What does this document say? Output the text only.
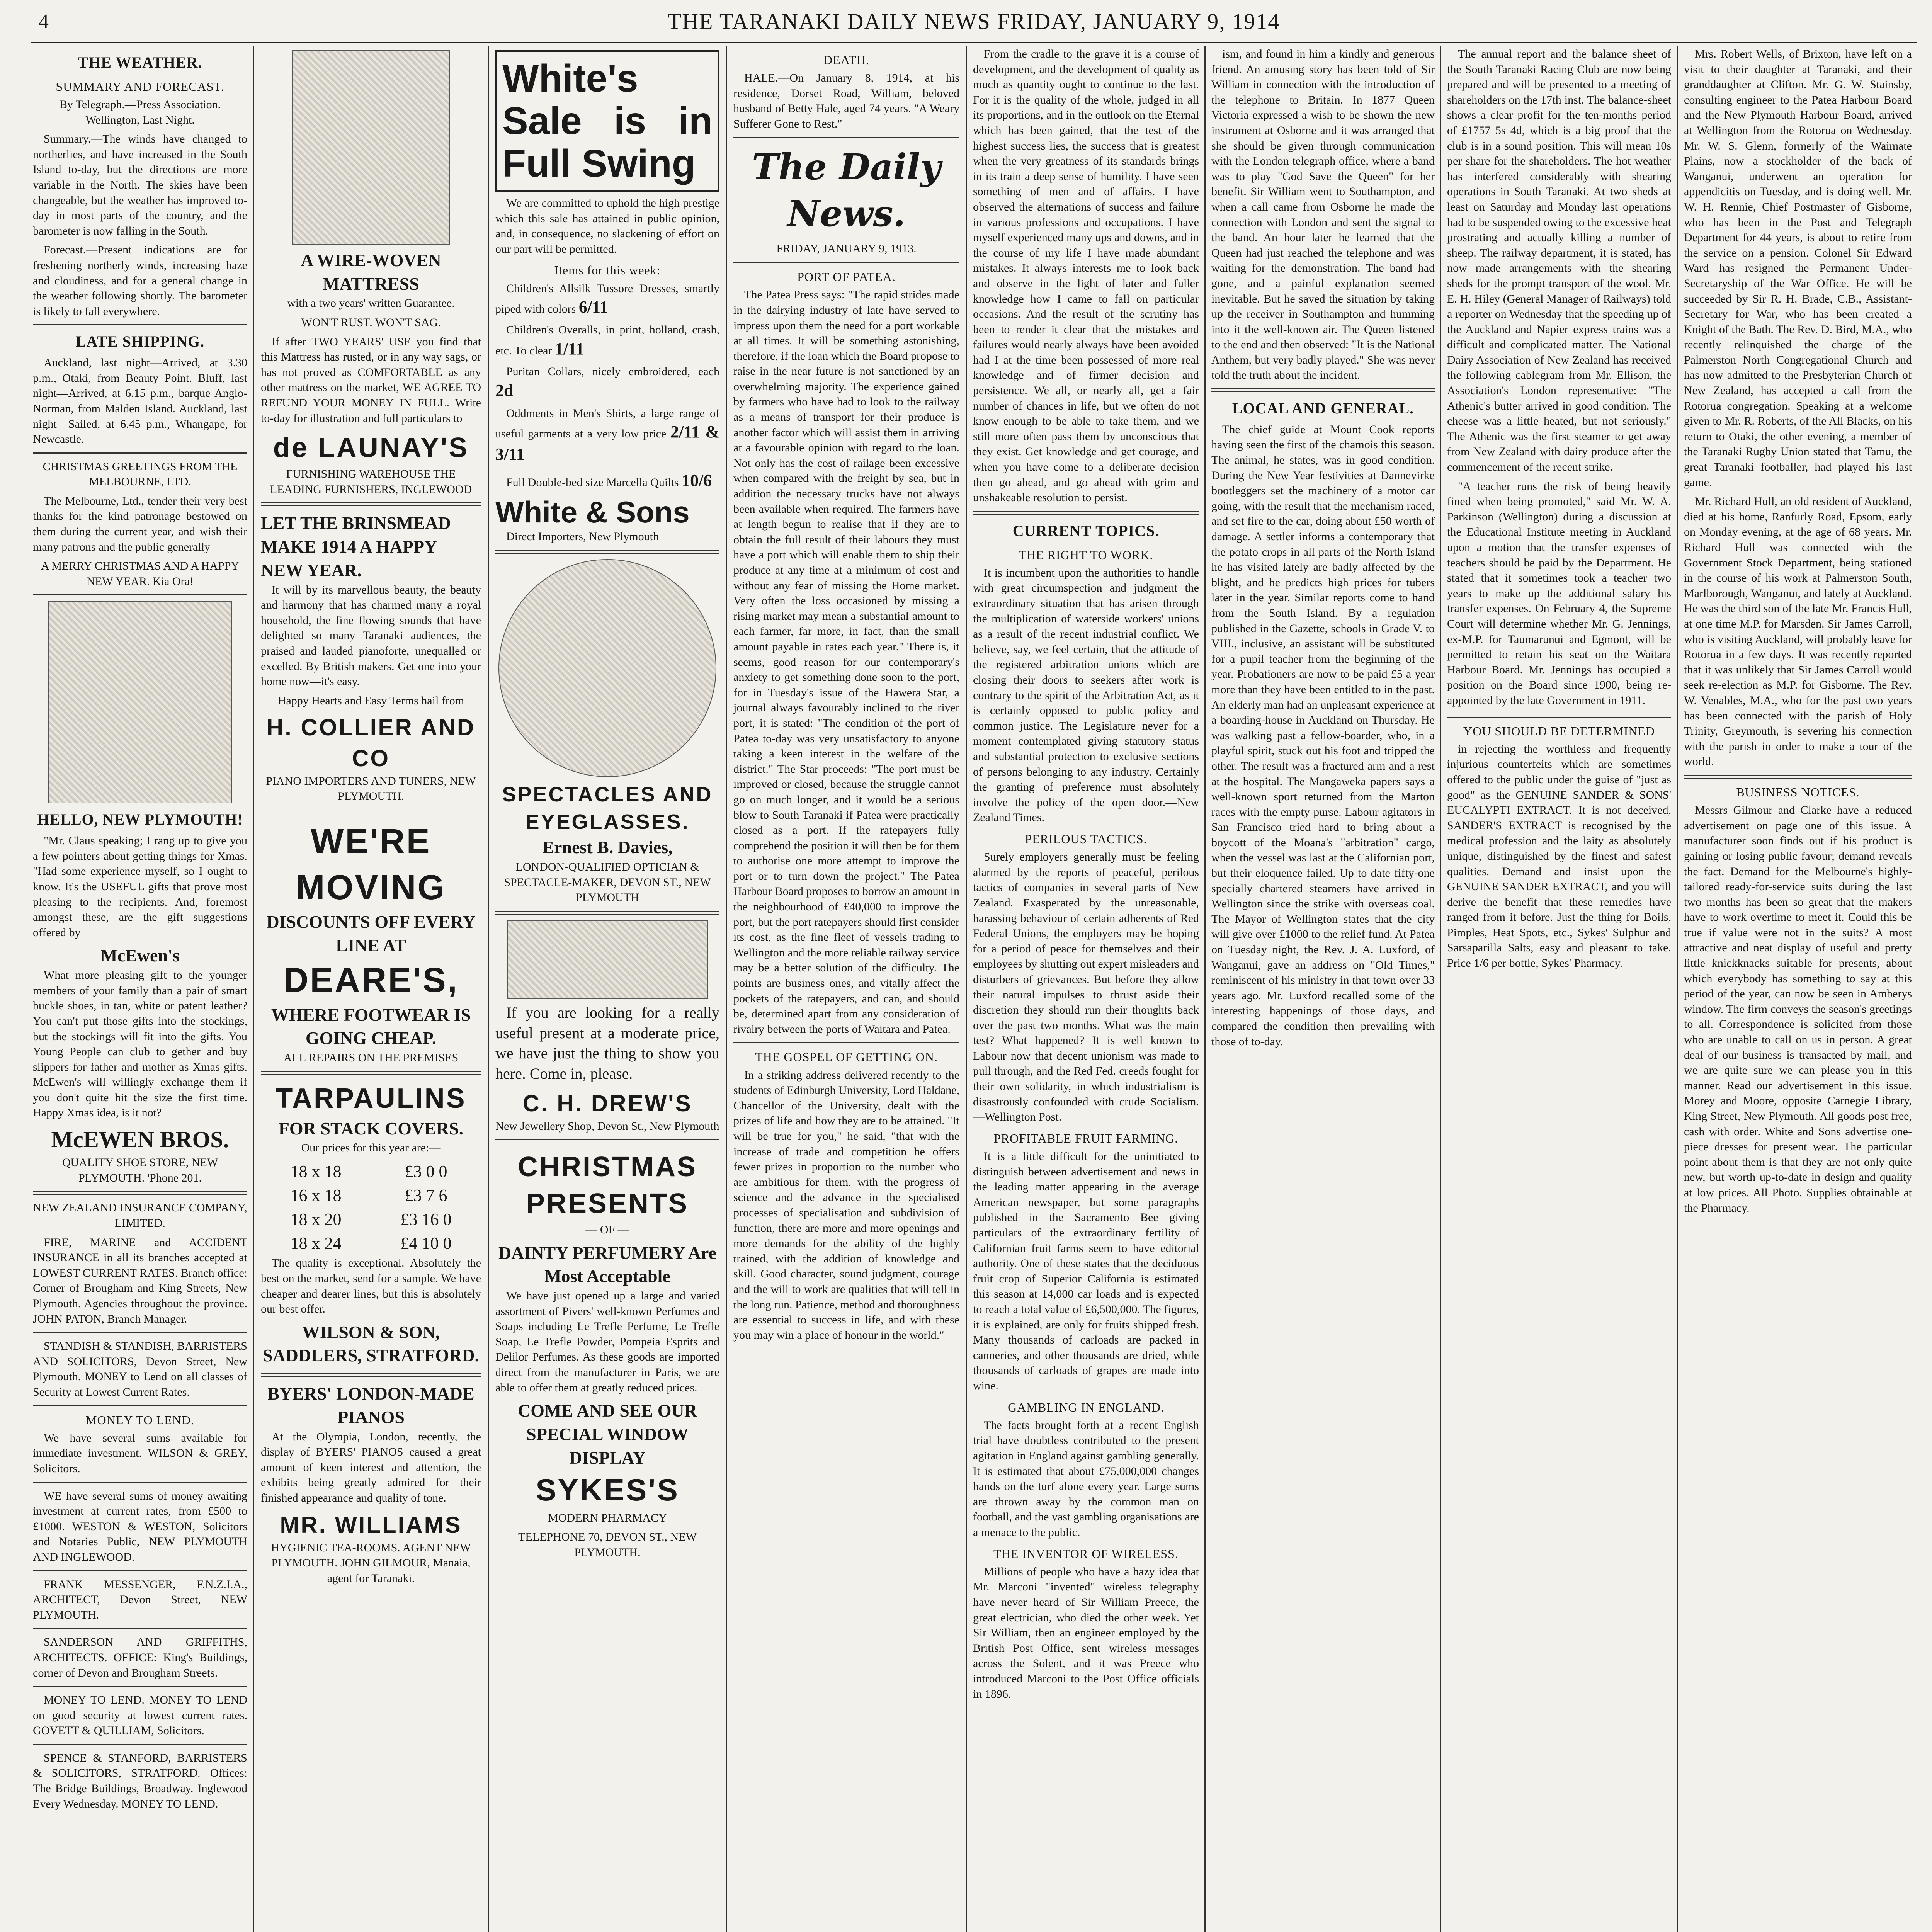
4	THE TARANAKI DAILY NEWS FRIDAY, JANUARY 9, 1914
THE WEATHER.
SUMMARY AND FORECAST.

By Telegraph.—Press Association. Wellington, Last Night.

Summary.—The winds have changed to northerlies, and have increased in the South Island to-day, but the directions are more variable in the North. The skies have been changeable, but the weather has improved to-day in most parts of the country, and the barometer is now falling in the South.

Forecast.—Present indications are for freshening northerly winds, increasing haze and cloudiness, and for a general change in the weather following shortly. The barometer is likely to fall everywhere.

LATE SHIPPING.

Auckland, last night—Arrived, at 3.30 p.m., Otaki, from Beauty Point. Bluff, last night—Arrived, at 6.15 p.m., barque Anglo-Norman, from Malden Island. Auckland, last night—Sailed, at 6.45 p.m., Whangape, for Newcastle.

CHRISTMAS GREETINGS FROM THE MELBOURNE, LTD.

The Melbourne, Ltd., tender their very best thanks for the kind patronage bestowed on them during the current year, and wish their many patrons and the public generally

A MERRY CHRISTMAS AND A HAPPY NEW YEAR. Kia Ora!

HELLO, NEW PLYMOUTH!

"Mr. Claus speaking; I rang up to give you a few pointers about getting things for Xmas. "Had some experience myself, so I ought to know. It's the USEFUL gifts that prove most pleasing to the recipients. And, foremost amongst these, are the gift suggestions offered by

McEwen's

What more pleasing gift to the younger members of your family than a pair of smart buckle shoes, in tan, white or patent leather? You can't put those gifts into the stockings, but the stockings will fit into the gifts. You Young People can club to gether and buy slippers for father and mother as Xmas gifts. McEwen's will willingly exchange them if you don't quite hit the size the first time. Happy Xmas idea, is it not?

McEWEN BROS.

QUALITY SHOE STORE, NEW PLYMOUTH. 'Phone 201.

NEW ZEALAND INSURANCE COMPANY, LIMITED.

FIRE, MARINE and ACCIDENT INSURANCE in all its branches accepted at LOWEST CURRENT RATES. Branch office: Corner of Brougham and King Streets, New Plymouth. Agencies throughout the province. JOHN PATON, Branch Manager.

STANDISH & STANDISH, BARRISTERS AND SOLICITORS, Devon Street, New Plymouth. MONEY to Lend on all classes of Security at Lowest Current Rates.

MONEY TO LEND.

We have several sums available for immediate investment. WILSON & GREY, Solicitors.

WE have several sums of money awaiting investment at current rates, from £500 to £1000. WESTON & WESTON, Solicitors and Notaries Public, NEW PLYMOUTH AND INGLEWOOD.

FRANK MESSENGER, F.N.Z.I.A., ARCHITECT, Devon Street, NEW PLYMOUTH.

SANDERSON AND GRIFFITHS, ARCHITECTS. OFFICE: King's Buildings, corner of Devon and Brougham Streets.

MONEY TO LEND. MONEY TO LEND on good security at lowest current rates. GOVETT & QUILLIAM, Solicitors.

SPENCE & STANFORD, BARRISTERS & SOLICITORS, STRATFORD. Offices: The Bridge Buildings, Broadway. Inglewood Every Wednesday. MONEY TO LEND.

A WIRE-WOVEN MATTRESS

with a two years' written Guarantee.

WON'T RUST. WON'T SAG.

If after TWO YEARS' USE you find that this Mattress has rusted, or in any way sags, or has not proved as COMFORTABLE as any other mattress on the market, WE AGREE TO REFUND YOUR MONEY IN FULL. Write to-day for illustration and full particulars to

de LAUNAY'S

FURNISHING WAREHOUSE THE LEADING FURNISHERS, INGLEWOOD

LET THE BRINSMEAD MAKE 1914 A HAPPY NEW YEAR.

It will by its marvellous beauty, the beauty and harmony that has charmed many a royal household, the fine flowing sounds that have delighted so many Taranaki audiences, the praised and lauded pianoforte, unequalled or excelled. By British makers. Get one into your home now—it's easy.

Happy Hearts and Easy Terms hail from

H. COLLIER AND CO

PIANO IMPORTERS AND TUNERS, NEW PLYMOUTH.

WE'RE
MOVING
DISCOUNTS OFF EVERY LINE AT
DEARE'S,
WHERE FOOTWEAR IS GOING CHEAP.

ALL REPAIRS ON THE PREMISES

TARPAULINS
FOR STACK COVERS.

Our prices for this year are:—

18 x 18	£3 0 0
16 x 18	£3 7 6
18 x 20	£3 16 0
18 x 24	£4 10 0

The quality is exceptional. Absolutely the best on the market, send for a sample. We have cheaper and dearer lines, but this is absolutely our best offer.

WILSON & SON, SADDLERS, STRATFORD.
BYERS' LONDON-MADE PIANOS

At the Olympia, London, recently, the display of BYERS' PIANOS caused a great amount of keen interest and attention, the exhibits being greatly admired for their finished appearance and quality of tone.

MR. WILLIAMS

HYGIENIC TEA-ROOMS. AGENT NEW PLYMOUTH. JOHN GILMOUR, Manaia, agent for Taranaki.

White's Sale is in Full Swing

We are committed to uphold the high prestige which this sale has attained in public opinion, and, in consequence, no slackening of effort on our part will be permitted.

Items for this week:

Children's Allsilk Tussore Dresses, smartly piped with colors 6/11

Children's Overalls, in print, holland, crash, etc. To clear 1/11

Puritan Collars, nicely embroidered, each 2d

Oddments in Men's Shirts, a large range of useful garments at a very low price 2/11 & 3/11

Full Double-bed size Marcella Quilts 10/6

White & Sons

Direct Importers, New Plymouth

SPECTACLES AND EYEGLASSES.
Ernest B. Davies,

LONDON-QUALIFIED OPTICIAN & SPECTACLE-MAKER, DEVON ST., NEW PLYMOUTH

If you are looking for a really useful present at a moderate price, we have just the thing to show you here. Come in, please.

C. H. DREW'S

New Jewellery Shop, Devon St., New Plymouth

CHRISTMAS PRESENTS

— OF —

DAINTY PERFUMERY Are Most Acceptable

We have just opened up a large and varied assortment of Pivers' well-known Perfumes and Soaps including Le Trefle Perfume, Le Trefle Soap, Le Trefle Powder, Pompeia Esprits and Delilor Perfumes. As these goods are imported direct from the manufacturer in Paris, we are able to offer them at greatly reduced prices.

COME AND SEE OUR SPECIAL WINDOW DISPLAY
SYKES'S

MODERN PHARMACY

TELEPHONE 70, DEVON ST., NEW PLYMOUTH.

DEATH.

HALE.—On January 8, 1914, at his residence, Dorset Road, William, beloved husband of Betty Hale, aged 74 years. "A Weary Sufferer Gone to Rest."

The Daily News.

FRIDAY, JANUARY 9, 1913.

PORT OF PATEA.

The Patea Press says: "The rapid strides made in the dairying industry of late have served to impress upon them the need for a port workable at all times. It will be something astonishing, therefore, if the loan which the Board propose to raise in the near future is not sanctioned by an overwhelming majority. The experience gained by farmers who have had to look to the railway as a means of transport for their produce is another factor which will assist them in arriving at a favourable opinion with regard to the loan. Not only has the cost of railage been excessive when compared with the freight by sea, but in addition the necessary trucks have not always been available when required. The farmers have at length begun to realise that if they are to obtain the full result of their labours they must have a port which will enable them to ship their produce at any time at a minimum of cost and without any fear of missing the Home market. Very often the loss occasioned by missing a rising market may mean a substantial amount to each farmer, far more, in fact, than the small amount payable in rates each year." There is, it seems, good reason for our contemporary's anxiety to get something done soon to the port, for in Tuesday's issue of the Hawera Star, a journal always favourably inclined to the river port, it is stated: "The condition of the port of Patea to-day was very unsatisfactory to anyone taking a keen interest in the welfare of the district." The Star proceeds: "The port must be improved or closed, because the struggle cannot go on much longer, and it would be a serious blow to South Taranaki if Patea were practically closed as a port. If the ratepayers fully comprehend the position it will then be for them to authorise one more attempt to improve the port or to turn down the project." The Patea Harbour Board proposes to borrow an amount in the neighbourhood of £40,000 to improve the port, but the port ratepayers should first consider its cost, as the fine fleet of vessels trading to Wellington and the more reliable railway service may be a better solution of the difficulty. The points are business ones, and vitally affect the pockets of the ratepayers, and can, and should be, determined apart from any consideration of rivalry between the ports of Waitara and Patea.

THE GOSPEL OF GETTING ON.

In a striking address delivered recently to the students of Edinburgh University, Lord Haldane, Chancellor of the University, dealt with the prizes of life and how they are to be attained. "It will be true for you," he said, "that with the increase of trade and competition he offers fewer prizes in proportion to the number who are ambitious for them, with the progress of science and the advance in the specialised processes of specialisation and subdivision of function, there are more and more openings and more demands for the ability of the highly trained, with the addition of knowledge and skill. Good character, sound judgment, courage and the will to work are qualities that will tell in the long run. Patience, method and thoroughness are essential to success in life, and with these you may win a place of honour in the world."

From the cradle to the grave it is a course of development, and the development of quality as much as quantity ought to continue to the last. For it is the quality of the whole, judged in all its proportions, and in the outlook on the Eternal which has been gained, that the test of the highest success lies, the success that is greatest when the very greatness of its standards brings in its train a deep sense of humility. I have seen something of men and of affairs. I have observed the alternations of success and failure in various professions and occupations. I have myself experienced many ups and downs, and in the course of my life I have made abundant mistakes. It always interests me to look back and observe in the light of later and fuller knowledge how I came to fall on particular occasions. And the result of the scrutiny has been to render it clear that the mistakes and failures would nearly always have been avoided had I at the time been possessed of more real knowledge and of firmer decision and persistence. We all, or nearly all, get a fair number of chances in life, but we often do not know enough to be able to take them, and we still more often pass them by unconscious that they exist. Get knowledge and get courage, and when you have come to a deliberate decision then go ahead, and go ahead with grim and unshakeable resolution to persist.

CURRENT TOPICS.
THE RIGHT TO WORK.

It is incumbent upon the authorities to handle with great circumspection and judgment the extraordinary situation that has arisen through the multiplication of waterside workers' unions as a result of the recent industrial conflict. We believe, say, we feel certain, that the attitude of the registered arbitration unions which are closing their doors to seekers after work is contrary to the spirit of the Arbitration Act, as it is certainly opposed to public policy and common justice. The Legislature never for a moment contemplated giving statutory status and substantial protection to exclusive sections of persons belonging to any industry. Certainly the granting of preference must absolutely involve the policy of the open door.—New Zealand Times.

PERILOUS TACTICS.

Surely employers generally must be feeling alarmed by the reports of peaceful, perilous tactics of companies in several parts of New Zealand. Exasperated by the unreasonable, harassing behaviour of certain adherents of Red Federal Unions, the employers may be hoping for a period of peace for themselves and their employees by shutting out expert misleaders and disturbers of grievances. But before they allow their natural impulses to thrust aside their discretion they should run their thoughts back over the past two months. What was the main test? What happened? It is well known to Labour now that decent unionism was made to pull through, and the Red Fed. creeds fought for their own solidarity, in which industrialism is disastrously confounded with crude Socialism.—Wellington Post.

PROFITABLE FRUIT FARMING.

It is a little difficult for the uninitiated to distinguish between advertisement and news in the leading matter appearing in the average American newspaper, but some paragraphs published in the Sacramento Bee giving particulars of the extraordinary fertility of Californian fruit farms seem to have editorial authority. One of these states that the deciduous fruit crop of Superior California is estimated this season at 14,000 car loads and is expected to reach a total value of £6,500,000. The figures, it is explained, are only for fruits shipped fresh. Many thousands of carloads are packed in canneries, and other thousands are dried, while thousands of carloads of grapes are made into wine.

GAMBLING IN ENGLAND.

The facts brought forth at a recent English trial have doubtless contributed to the present agitation in England against gambling generally. It is estimated that about £75,000,000 changes hands on the turf alone every year. Large sums are thrown away by the common man on football, and the vast gambling organisations are a menace to the public.

THE INVENTOR OF WIRELESS.

Millions of people who have a hazy idea that Mr. Marconi "invented" wireless telegraphy have never heard of Sir William Preece, the great electrician, who died the other week. Yet Sir William, then an engineer employed by the British Post Office, sent wireless messages across the Solent, and it was Preece who introduced Marconi to the Post Office officials in 1896.

ism, and found in him a kindly and generous friend. An amusing story has been told of Sir William in connection with the introduction of the telephone to Britain. In 1877 Queen Victoria expressed a wish to be shown the new instrument at Osborne and it was arranged that she should be given through communication with the London telegraph office, where a band was to play "God Save the Queen" for her benefit. Sir William went to Southampton, and when a call came from Osborne he made the connection with London and sent the signal to the band. An hour later he learned that the Queen had just reached the telephone and was waiting for the demonstration. The band had gone, and a painful explanation seemed inevitable. But he saved the situation by taking up the receiver in Southampton and humming into it the well-known air. The Queen listened to the end and then observed: "It is the National Anthem, but very badly played." She was never told the truth about the incident.

LOCAL AND GENERAL.

The chief guide at Mount Cook reports having seen the first of the chamois this season. The animal, he states, was in good condition. During the New Year festivities at Dannevirke bootleggers set the machinery of a motor car going, with the result that the mechanism raced, and set fire to the car, doing about £50 worth of damage. A settler informs a contemporary that the potato crops in all parts of the North Island he has visited lately are badly affected by the blight, and he predicts high prices for tubers later in the year. Similar reports come to hand from the South Island. By a regulation published in the Gazette, schools in Grade V. to VIII., inclusive, an assistant will be substituted for a pupil teacher from the beginning of the year. Probationers are now to be paid £5 a year more than they have been entitled to in the past. An elderly man had an unpleasant experience at a boarding-house in Auckland on Thursday. He was walking past a fellow-boarder, who, in a playful spirit, stuck out his foot and tripped the other. The result was a fractured arm and a rest at the hospital. The Mangaweka papers says a well-known sport returned from the Marton races with the empty purse. Labour agitators in San Francisco tried hard to bring about a boycott of the Moana's "arbitration" cargo, when the vessel was last at the Californian port, but their eloquence failed. Up to date fifty-one specially chartered steamers have arrived in Wellington since the strike with overseas coal. The Mayor of Wellington states that the city will give over £1000 to the relief fund. At Patea on Tuesday night, the Rev. J. A. Luxford, of Wanganui, gave an address on "Old Times," reminiscent of his ministry in that town over 33 years ago. Mr. Luxford recalled some of the interesting happenings of those days, and compared the condition then prevailing with those of to-day.

The annual report and the balance sheet of the South Taranaki Racing Club are now being prepared and will be presented to a meeting of shareholders on the 17th inst. The balance-sheet shows a clear profit for the ten-months period of £1757 5s 4d, which is a big proof that the club is in a sound position. This will mean 10s per share for the shareholders. The hot weather has interfered considerably with shearing operations in South Taranaki. At two sheds at least on Saturday and Monday last operations had to be suspended owing to the excessive heat prostrating and actually killing a number of sheep. The railway department, it is stated, has now made arrangements with the shearing sheds for the prompt transport of the wool. Mr. E. H. Hiley (General Manager of Railways) told a reporter on Wednesday that the speeding up of the Auckland and Napier express trains was a difficult and complicated matter. The National Dairy Association of New Zealand has received the following cablegram from Mr. Ellison, the Association's London representative: "The Athenic's butter arrived in good condition. The cheese was a little heated, but not seriously." The Athenic was the first steamer to get away from New Zealand with dairy produce after the commencement of the recent strike.

"A teacher runs the risk of being heavily fined when being promoted," said Mr. W. A. Parkinson (Wellington) during a discussion at the Educational Institute meeting in Auckland upon a motion that the transfer expenses of teachers should be paid by the Department. He stated that it sometimes took a teacher two years to make up the additional salary his transfer expenses. On February 4, the Supreme Court will determine whether Mr. G. Jennings, ex-M.P. for Taumarunui and Egmont, will be permitted to retain his seat on the Waitara Harbour Board. Mr. Jennings has occupied a position on the Board since 1900, being re-appointed by the late Government in 1911.

YOU SHOULD BE DETERMINED

in rejecting the worthless and frequently injurious counterfeits which are sometimes offered to the public under the guise of "just as good" as the GENUINE SANDER & SONS' EUCALYPTI EXTRACT. It is not deceived, SANDER'S EXTRACT is recognised by the medical profession and the laity as absolutely unique, distinguished by the finest and safest qualities. Demand and insist upon the GENUINE SANDER EXTRACT, and you will derive the benefit that these remedies have ranged from it before. Just the thing for Boils, Pimples, Heat Spots, etc., Sykes' Sulphur and Sarsaparilla Salts, easy and pleasant to take. Price 1/6 per bottle, Sykes' Pharmacy.

Mrs. Robert Wells, of Brixton, have left on a visit to their daughter at Taranaki, and their granddaughter at Clifton. Mr. G. W. Stainsby, consulting engineer to the Patea Harbour Board and the New Plymouth Harbour Board, arrived at Wellington from the Rotorua on Wednesday. Mr. W. S. Glenn, formerly of the Waimate Plains, now a stockholder of the back of Wanganui, underwent an operation for appendicitis on Tuesday, and is doing well. Mr. W. H. Rennie, Chief Postmaster of Gisborne, who has been in the Post and Telegraph Department for 44 years, is about to retire from the service on a pension. Colonel Sir Edward Ward has resigned the Permanent Under-Secretaryship of the War Office. He will be succeeded by Sir R. H. Brade, C.B., Assistant-Secretary for War, who has been created a Knight of the Bath. The Rev. D. Bird, M.A., who recently relinquished the charge of the Palmerston North Congregational Church and has now admitted to the Presbyterian Church of New Zealand, has accepted a call from the Rotorua congregation. Speaking at a welcome given to Mr. R. Roberts, of the All Blacks, on his return to Otaki, the other evening, a member of the Taranaki Rugby Union stated that Tamu, the great Taranaki footballer, had played his last game.

Mr. Richard Hull, an old resident of Auckland, died at his home, Ranfurly Road, Epsom, early on Monday evening, at the age of 68 years. Mr. Richard Hull was connected with the Government Stock Department, being stationed in the course of his work at Palmerston South, Marlborough, Wanganui, and lately at Auckland. He was the third son of the late Mr. Francis Hull, at one time M.P. for Marsden. Sir James Carroll, who is visiting Auckland, will probably leave for Rotorua in a few days. It was recently reported that it was unlikely that Sir James Carroll would seek re-election as M.P. for Gisborne. The Rev. W. Venables, M.A., who for the past two years has been connected with the parish of Holy Trinity, Greymouth, is severing his connection with the parish in order to make a tour of the world.

BUSINESS NOTICES.

Messrs Gilmour and Clarke have a reduced advertisement on page one of this issue. A manufacturer soon finds out if his product is gaining or losing public favour; demand reveals the fact. Demand for the Melbourne's highly-tailored ready-for-service suits during the last two months has been so great that the makers have to work overtime to meet it. Could this be true if value were not in the suits? A most attractive and neat display of useful and pretty little knickknacks suitable for presents, about which everybody has something to say at this period of the year, can now be seen in Amberys window. The firm conveys the season's greetings to all. Correspondence is solicited from those who are unable to call on us in person. A great deal of our business is transacted by mail, and we are quite sure we can please you in this manner. Read our advertisement in this issue. Morey and Moore, opposite Carnegie Library, King Street, New Plymouth. All goods post free, cash with order. White and Sons advertise one-piece dresses for present wear. The particular point about them is that they are not only quite new, but worth up-to-date in design and quality at low prices. All Photo. Supplies obtainable at the Pharmacy.
